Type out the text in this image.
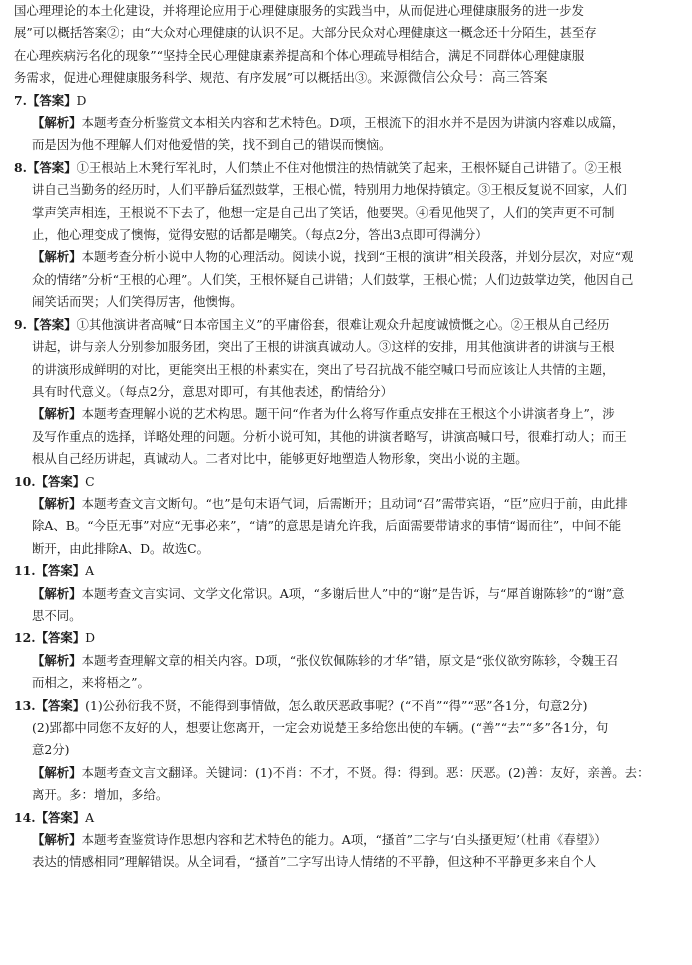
国心理理论的本土化建设，并将理论应用于心理健康服务的实践当中，从而促进心理健康服务的进一步发

展”可以概括答案②；由“大众对心理健康的认识不足。大部分民众对心理健康这一概念还十分陌生，甚至存

在心理疾病污名化的现象”“坚持全民心理健康素养提高和个体心理疏导相结合，满足不同群体心理健康服

务需求，促进心理健康服务科学、规范、有序发展”可以概括出③。来源微信公众号：高三答案

7.【答案】D

【解析】本题考查分析鉴赏文本相关内容和艺术特色。D项，王根流下的泪水并不是因为讲演内容难以成篇，

而是因为他不理解人们对他爱惜的笑，找不到自己的错误而懊恼。

8.【答案】①王根站上木凳行军礼时，人们禁止不住对他惯注的热情就笑了起来，王根怀疑自己讲错了。②王根

讲自己当勤务的经历时，人们平静后猛烈鼓掌，王根心慌，特别用力地保持镇定。③王根反复说不回家，人们

掌声笑声相连，王根说不下去了，他想一定是自己出了笑话，他要哭。④看见他哭了，人们的笑声更不可制

止，他心理变成了懊悔，觉得安慰的话都是嘲笑。（每点2分，答出3点即可得满分）

【解析】本题考查分析小说中人物的心理活动。阅读小说，找到“王根的演讲”相关段落，并划分层次，对应“观

众的情绪”分析“王根的心理”。人们笑，王根怀疑自己讲错；人们鼓掌，王根心慌；人们边鼓掌边笑，他因自己

闹笑话而哭；人们笑得厉害，他懊悔。

9.【答案】①其他演讲者高喊“日本帝国主义”的平庸俗套，很难让观众升起度诚愤慨之心。②王根从自己经历

讲起，讲与亲人分别参加服务团，突出了王根的讲演真诚动人。③这样的安排，用其他演讲者的讲演与王根

的讲演形成鲜明的对比，更能突出王根的朴素实在，突出了号召抗战不能空喊口号而应该让人共情的主题，

具有时代意义。（每点2分，意思对即可，有其他表述，酌情给分）

【解析】本题考查理解小说的艺术构思。题干问“作者为什么将写作重点安排在王根这个小讲演者身上”，涉

及写作重点的选择，详略处理的问题。分析小说可知，其他的讲演者略写，讲演高喊口号，很难打动人；而王

根从自己经历讲起，真诚动人。二者对比中，能够更好地塑造人物形象，突出小说的主题。

10.【答案】C

【解析】本题考查文言文断句。“也”是句末语气词，后需断开；且动词“召”需带宾语，“臣”应归于前，由此排

除A、B。“今臣无事”对应“无事必来”，“请”的意思是请允许我，后面需要带请求的事情“谒而往”，中间不能

断开，由此排除A、D。故选C。

11.【答案】A

【解析】本题考查文言实词、文学文化常识。A项，“多谢后世人”中的“谢”是告诉，与“犀首谢陈轸”的“谢”意

思不同。

12.【答案】D

【解析】本题考查理解文章的相关内容。D项，“张仪钦佩陈轸的才华”错，原文是“张仪欲穷陈轸，令魏王召

而相之，来将梧之”。

13.【答案】(1)公孙衍我不贤，不能得到事情做，怎么敢厌恶政事呢？(“不肖”“得”“恶”各1分，句意2分)

(2)郢都中同您不友好的人，想要让您离开，一定会劝说楚王多给您出使的车辆。(“善”“去”“多”各1分，句

意2分)

【解析】本题考查文言文翻译。关键词：(1)不肖：不才，不贤。得：得到。恶：厌恶。(2)善：友好，亲善。去：

离开。多：增加，多给。

14.【答案】A

【解析】本题考查鉴赏诗作思想内容和艺术特色的能力。A项，“搔首”二字与‘白头搔更短’（杜甫《春望》）

表达的情感相同”理解错误。从全词看，“搔首”二字写出诗人情绪的不平静，但这种不平静更多来自个人
